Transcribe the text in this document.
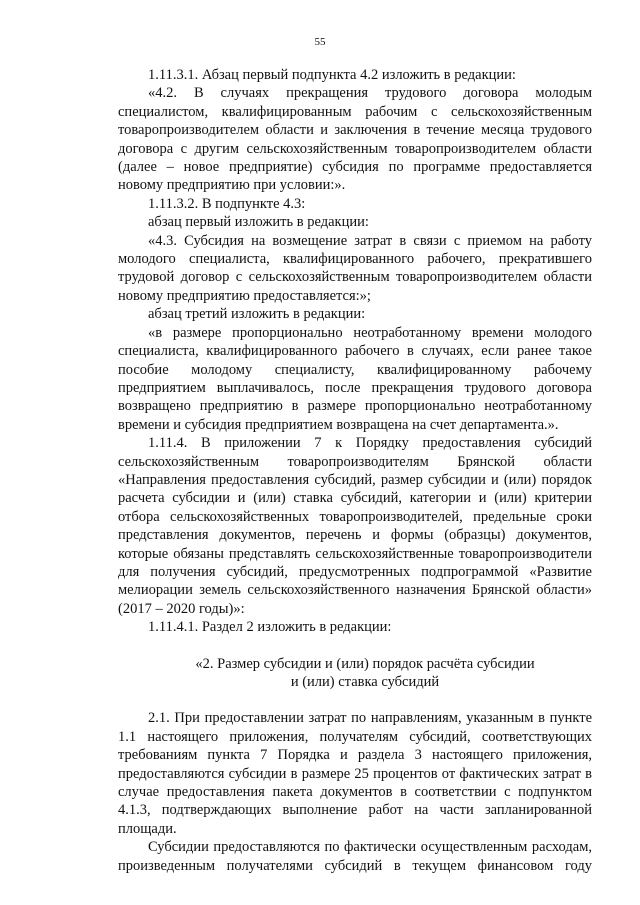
55

1.11.3.1. Абзац первый подпункта 4.2 изложить в редакции:

«4.2. В случаях прекращения трудового договора молодым специалистом, квалифицированным рабочим с сельскохозяйственным товаропроизводителем области и заключения в течение месяца трудового договора с другим сельскохозяйственным товаропроизводителем области (далее – новое предприятие) субсидия по программе предоставляется новому предприятию при условии:».

1.11.3.2. В подпункте 4.3:

абзац первый изложить в редакции:

«4.3. Субсидия на возмещение затрат в связи с приемом на работу молодого специалиста, квалифицированного рабочего, прекратившего трудовой договор с сельскохозяйственным товаропроизводителем области новому предприятию предоставляется:»;

абзац третий изложить в редакции:

«в размере пропорционально неотработанному времени молодого специалиста, квалифицированного рабочего в случаях, если ранее такое пособие молодому специалисту, квалифицированному рабочему предприятием выплачивалось, после прекращения трудового договора возвращено предприятию в размере пропорционально неотработанному времени и субсидия предприятием возвращена на счет департамента.».

1.11.4. В приложении 7 к Порядку предоставления субсидий сельскохозяйственным товаропроизводителям Брянской области «Направления предоставления субсидий, размер субсидии и (или) порядок расчета субсидии и (или) ставка субсидий, категории и (или) критерии отбора сельскохозяйственных товаропроизводителей, предельные сроки представления документов, перечень и формы (образцы) документов, которые обязаны представлять сельскохозяйственные товаропроизводители для получения субсидий, предусмотренных подпрограммой «Развитие мелиорации земель сельскохозяйственного назначения Брянской области» (2017 – 2020 годы)»:

1.11.4.1. Раздел 2 изложить в редакции:

«2. Размер субсидии и (или) порядок расчёта субсидии
и (или) ставка субсидий

2.1. При предоставлении затрат по направлениям, указанным в пункте 1.1 настоящего приложения, получателям субсидий, соответствующих требованиям пункта 7 Порядка и раздела 3 настоящего приложения, предоставляются субсидии в размере 25 процентов от фактических затрат в случае предоставления пакета документов в соответствии с подпунктом 4.1.3, подтверждающих выполнение работ на части запланированной площади.

Субсидии предоставляются по фактически осуществленным расходам, произведенным получателями субсидий в текущем финансовом году
